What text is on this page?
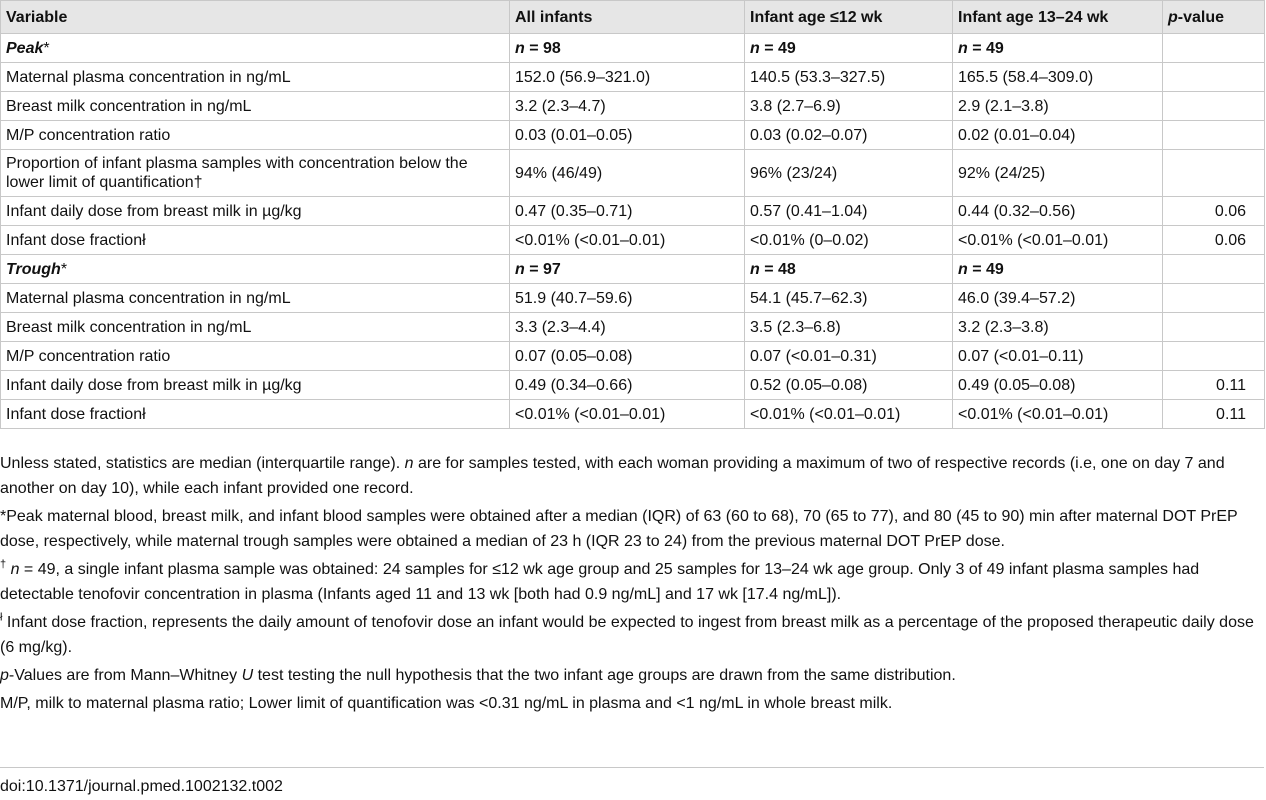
Variable	All infants	Infant age ≤12 wk	Infant age 13–24 wk	p-value
Peak*	n = 98	n = 49	n = 49	
Maternal plasma concentration in ng/mL	152.0 (56.9–321.0)	140.5 (53.3–327.5)	165.5 (58.4–309.0)	
Breast milk concentration in ng/mL	3.2 (2.3–4.7)	3.8 (2.7–6.9)	2.9 (2.1–3.8)	
M/P concentration ratio	0.03 (0.01–0.05)	0.03 (0.02–0.07)	0.02 (0.01–0.04)	
Proportion of infant plasma samples with concentration below the lower limit of quantification†	94% (46/49)	96% (23/24)	92% (24/25)	
Infant daily dose from breast milk in µg/kg	0.47 (0.35–0.71)	0.57 (0.41–1.04)	0.44 (0.32–0.56)	0.06
Infant dose fractionł	<0.01% (<0.01–0.01)	<0.01% (0–0.02)	<0.01% (<0.01–0.01)	0.06
Trough*	n = 97	n = 48	n = 49	
Maternal plasma concentration in ng/mL	51.9 (40.7–59.6)	54.1 (45.7–62.3)	46.0 (39.4–57.2)	
Breast milk concentration in ng/mL	3.3 (2.3–4.4)	3.5 (2.3–6.8)	3.2 (2.3–3.8)	
M/P concentration ratio	0.07 (0.05–0.08)	0.07 (<0.01–0.31)	0.07 (<0.01–0.11)	
Infant daily dose from breast milk in µg/kg	0.49 (0.34–0.66)	0.52 (0.05–0.08)	0.49 (0.05–0.08)	0.11
Infant dose fractionł	<0.01% (<0.01–0.01)	<0.01% (<0.01–0.01)	<0.01% (<0.01–0.01)	0.11

Unless stated, statistics are median (interquartile range). n are for samples tested, with each woman providing a maximum of two of respective records (i.e, one on day 7 and another on day 10), while each infant provided one record.

*Peak maternal blood, breast milk, and infant blood samples were obtained after a median (IQR) of 63 (60 to 68), 70 (65 to 77), and 80 (45 to 90) min after maternal DOT PrEP dose, respectively, while maternal trough samples were obtained a median of 23 h (IQR 23 to 24) from the previous maternal DOT PrEP dose.

† n = 49, a single infant plasma sample was obtained: 24 samples for ≤12 wk age group and 25 samples for 13–24 wk age group. Only 3 of 49 infant plasma samples had detectable tenofovir concentration in plasma (Infants aged 11 and 13 wk [both had 0.9 ng/mL] and 17 wk [17.4 ng/mL]).

$^ł$ Infant dose fraction, represents the daily amount of tenofovir dose an infant would be expected to ingest from breast milk as a percentage of the proposed therapeutic daily dose (6 mg/kg).

p-Values are from Mann–Whitney U test testing the null hypothesis that the two infant age groups are drawn from the same distribution.

M/P, milk to maternal plasma ratio; Lower limit of quantification was <0.31 ng/mL in plasma and <1 ng/mL in whole breast milk.

doi:10.1371/journal.pmed.1002132.t002
